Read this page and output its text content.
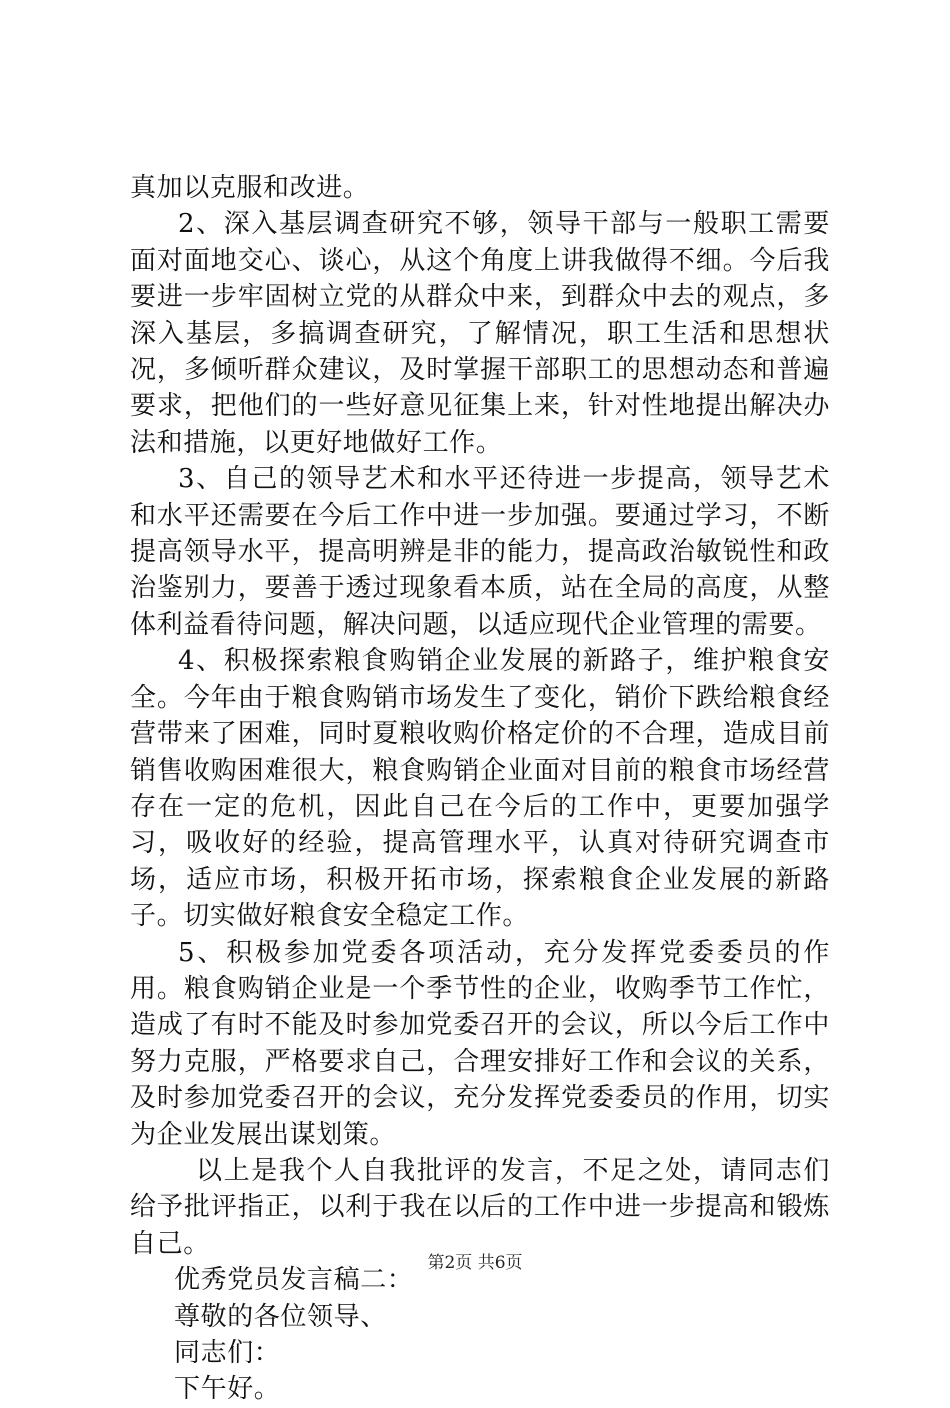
真加以克服和改进。

2、深入基层调查研究不够，领导干部与一般职工需要面对面地交心、谈心，从这个角度上讲我做得不细。今后我要进一步牢固树立党的从群众中来，到群众中去的观点，多深入基层，多搞调查研究，了解情况，职工生活和思想状况，多倾听群众建议，及时掌握干部职工的思想动态和普遍要求，把他们的一些好意见征集上来，针对性地提出解决办法和措施，以更好地做好工作。

3、自己的领导艺术和水平还待进一步提高，领导艺术和水平还需要在今后工作中进一步加强。要通过学习，不断提高领导水平，提高明辨是非的能力，提高政治敏锐性和政治鉴别力，要善于透过现象看本质，站在全局的高度，从整体利益看待问题，解决问题，以适应现代企业管理的需要。

4、积极探索粮食购销企业发展的新路子，维护粮食安全。今年由于粮食购销市场发生了变化，销价下跌给粮食经营带来了困难，同时夏粮收购价格定价的不合理，造成目前销售收购困难很大，粮食购销企业面对目前的粮食市场经营存在一定的危机，因此自己在今后的工作中，更要加强学习，吸收好的经验，提高管理水平，认真对待研究调查市场，适应市场，积极开拓市场，探索粮食企业发展的新路子。切实做好粮食安全稳定工作。

5、积极参加党委各项活动，充分发挥党委委员的作用。粮食购销企业是一个季节性的企业，收购季节工作忙，造成了有时不能及时参加党委召开的会议，所以今后工作中努力克服，严格要求自己，合理安排好工作和会议的关系，及时参加党委召开的会议，充分发挥党委委员的作用，切实为企业发展出谋划策。

以上是我个人自我批评的发言，不足之处，请同志们给予批评指正，以利于我在以后的工作中进一步提高和锻炼自己。

优秀党员发言稿二：

尊敬的各位领导、

同志们：

下午好。

第2页 共6页
